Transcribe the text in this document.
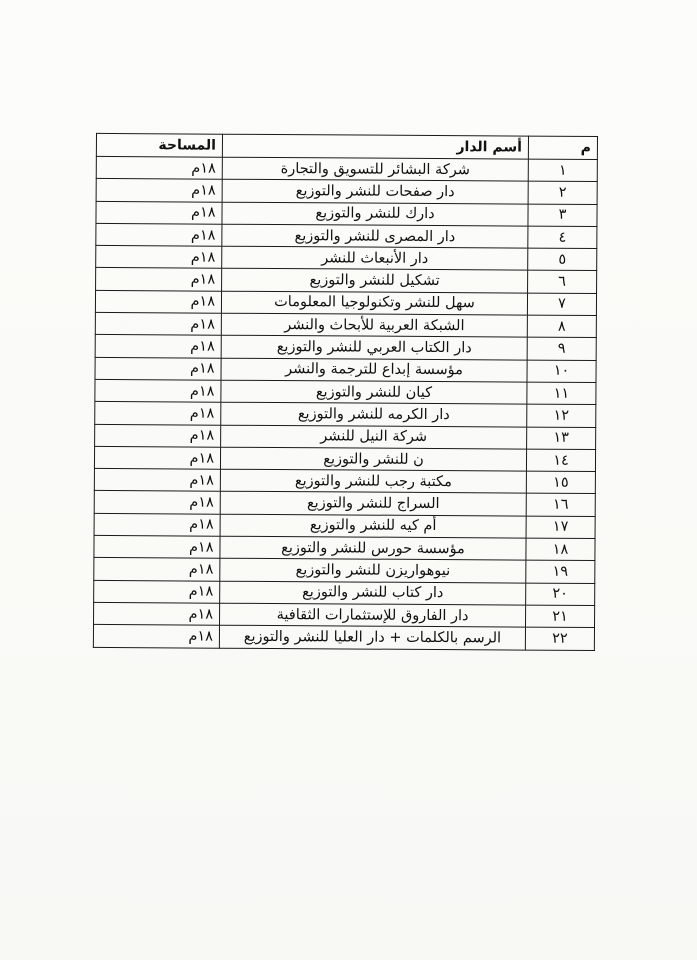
م	أسم الدار	المساحة
١	شركة البشائر للتسويق والتجارة	١٨م
٢	دار صفحات للنشر والتوزيع	١٨م
٣	دارك للنشر والتوزيع	١٨م
٤	دار المصرى للنشر والتوزيع	١٨م
٥	دار الأنبعاث للنشر	١٨م
٦	تشكيل للنشر والتوزيع	١٨م
٧	سهل للنشر وتكنولوجيا المعلومات	١٨م
٨	الشبكة العربية للأبحاث والنشر	١٨م
٩	دار الكتاب العربي للنشر والتوزيع	١٨م
١٠	مؤسسة إبداع للترجمة والنشر	١٨م
١١	كيان للنشر والتوزيع	١٨م
١٢	دار الكرمه للنشر والتوزيع	١٨م
١٣	شركة النيل للنشر	١٨م
١٤	ن للنشر والتوزيع	١٨م
١٥	مكتبة رجب للنشر والتوزيع	١٨م
١٦	السراج للنشر والتوزيع	١٨م
١٧	أم كيه للنشر والتوزيع	١٨م
١٨	مؤسسة حورس للنشر والتوزيع	١٨م
١٩	نيوهواريزن للنشر والتوزيع	١٨م
٢٠	دار كتاب للنشر والتوزيع	١٨م
٢١	دار الفاروق للإستثمارات الثقافية	١٨م
٢٢	الرسم بالكلمات + دار العليا للنشر والتوزيع	١٨م
